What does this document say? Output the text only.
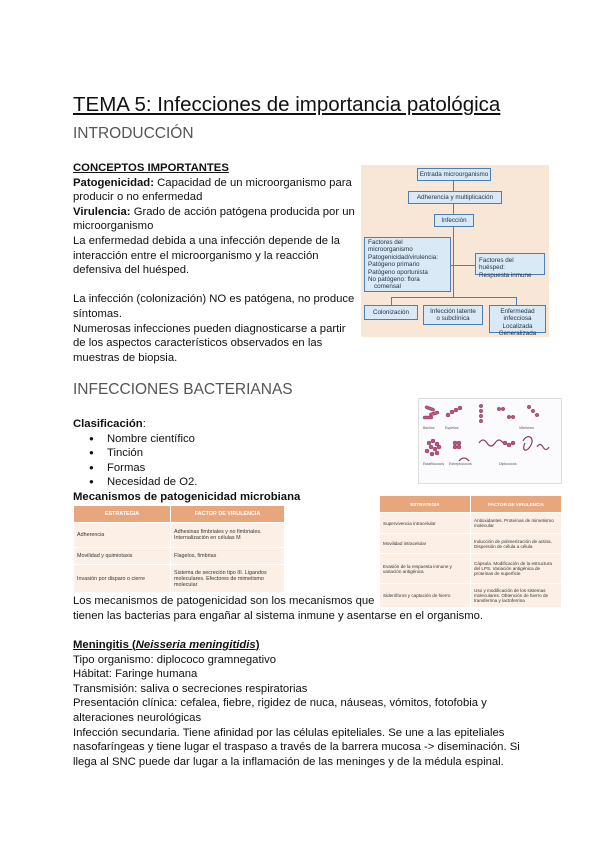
TEMA 5: Infecciones de importancia patológica
INTRODUCCIÓN
CONCEPTOS IMPORTANTES
Patogenicidad: Capacidad de un microorganismo para
producir o no enfermedad
Virulencia: Grado de acción patógena producida por un
microorganismo
La enfermedad debida a una infección depende de la
interacción entre el microorganismo y la reacción
defensiva del huésped.
La infección (colonización) NO es patógena, no produce
síntomas.
Numerosas infecciones pueden diagnosticarse a partir
de los aspectos característicos observados en las
muestras de biopsia.
Entrada microorganismo
Adherencia y multiplicación
Infección
Factores del
microorganismo
Patogenicidad/virulencia:
Patógeno primario
Patógeno oportunista
No patógeno: flora
comensal
Factores del huésped:
Respuesta inmune
Colonización	Infección latente
o subclínica
Enfermedad infecciosa
Localizada
Generalizada
INFECCIONES BACTERIANAS
Clasificación:
● Nombre científico
● Tinción
● Formas
● Necesidad de O2.
Mecanismos de patogenicidad microbiana
Bacilos	Espirilos	Vibriones
Estafilococos Estreptococos	Diplococos
ESTRATEGIA	FACTOR DE VIRULENCIA
Adherencia	Adhesinas fimbriales y no fimbriales. Internalización en células M
Movilidad y quimiotaxis	Flagelos, fimbrias
Invasión por disparo o cierre	Sistema de secreción tipo III. Ligandos moleculares. Efectores de mimetismo molecular
ESTRATEGIA	FACTOR DE VIRULENCIA
Supervivencia intracelular	Antioxidantes. Proteínas de mimetismo molecular
Movilidad intracelular	Inducción de polimerización de actina. Dispersión de célula a célula
Evasión de la respuesta inmune y variación antigénica	Cápsula. Modificación de la estructura del LPS. Variación antigénica de proteínas de superficie
Sideróforos y captación de hierro	Uso y modificación de los sistemas moleculares. Obtención de hierro de transferrina y lactoferrina
Los mecanismos de patogenicidad son los mecanismos que
tienen las bacterias para engañar al sistema inmune y asentarse en el organismo.
Meningitis (Neisseria meningitidis)
Tipo organismo: diplococo gramnegativo
Hábitat: Faringe humana
Transmisión: saliva o secreciones respiratorias
Presentación clínica: cefalea, fiebre, rigidez de nuca, náuseas, vómitos, fotofobia y
alteraciones neurológicas
Infección secundaria. Tiene afinidad por las células epiteliales. Se une a las epiteliales
nasofaríngeas y tiene lugar el traspaso a través de la barrera mucosa -> diseminación. Si
llega al SNC puede dar lugar a la inflamación de las meninges y de la médula espinal.
